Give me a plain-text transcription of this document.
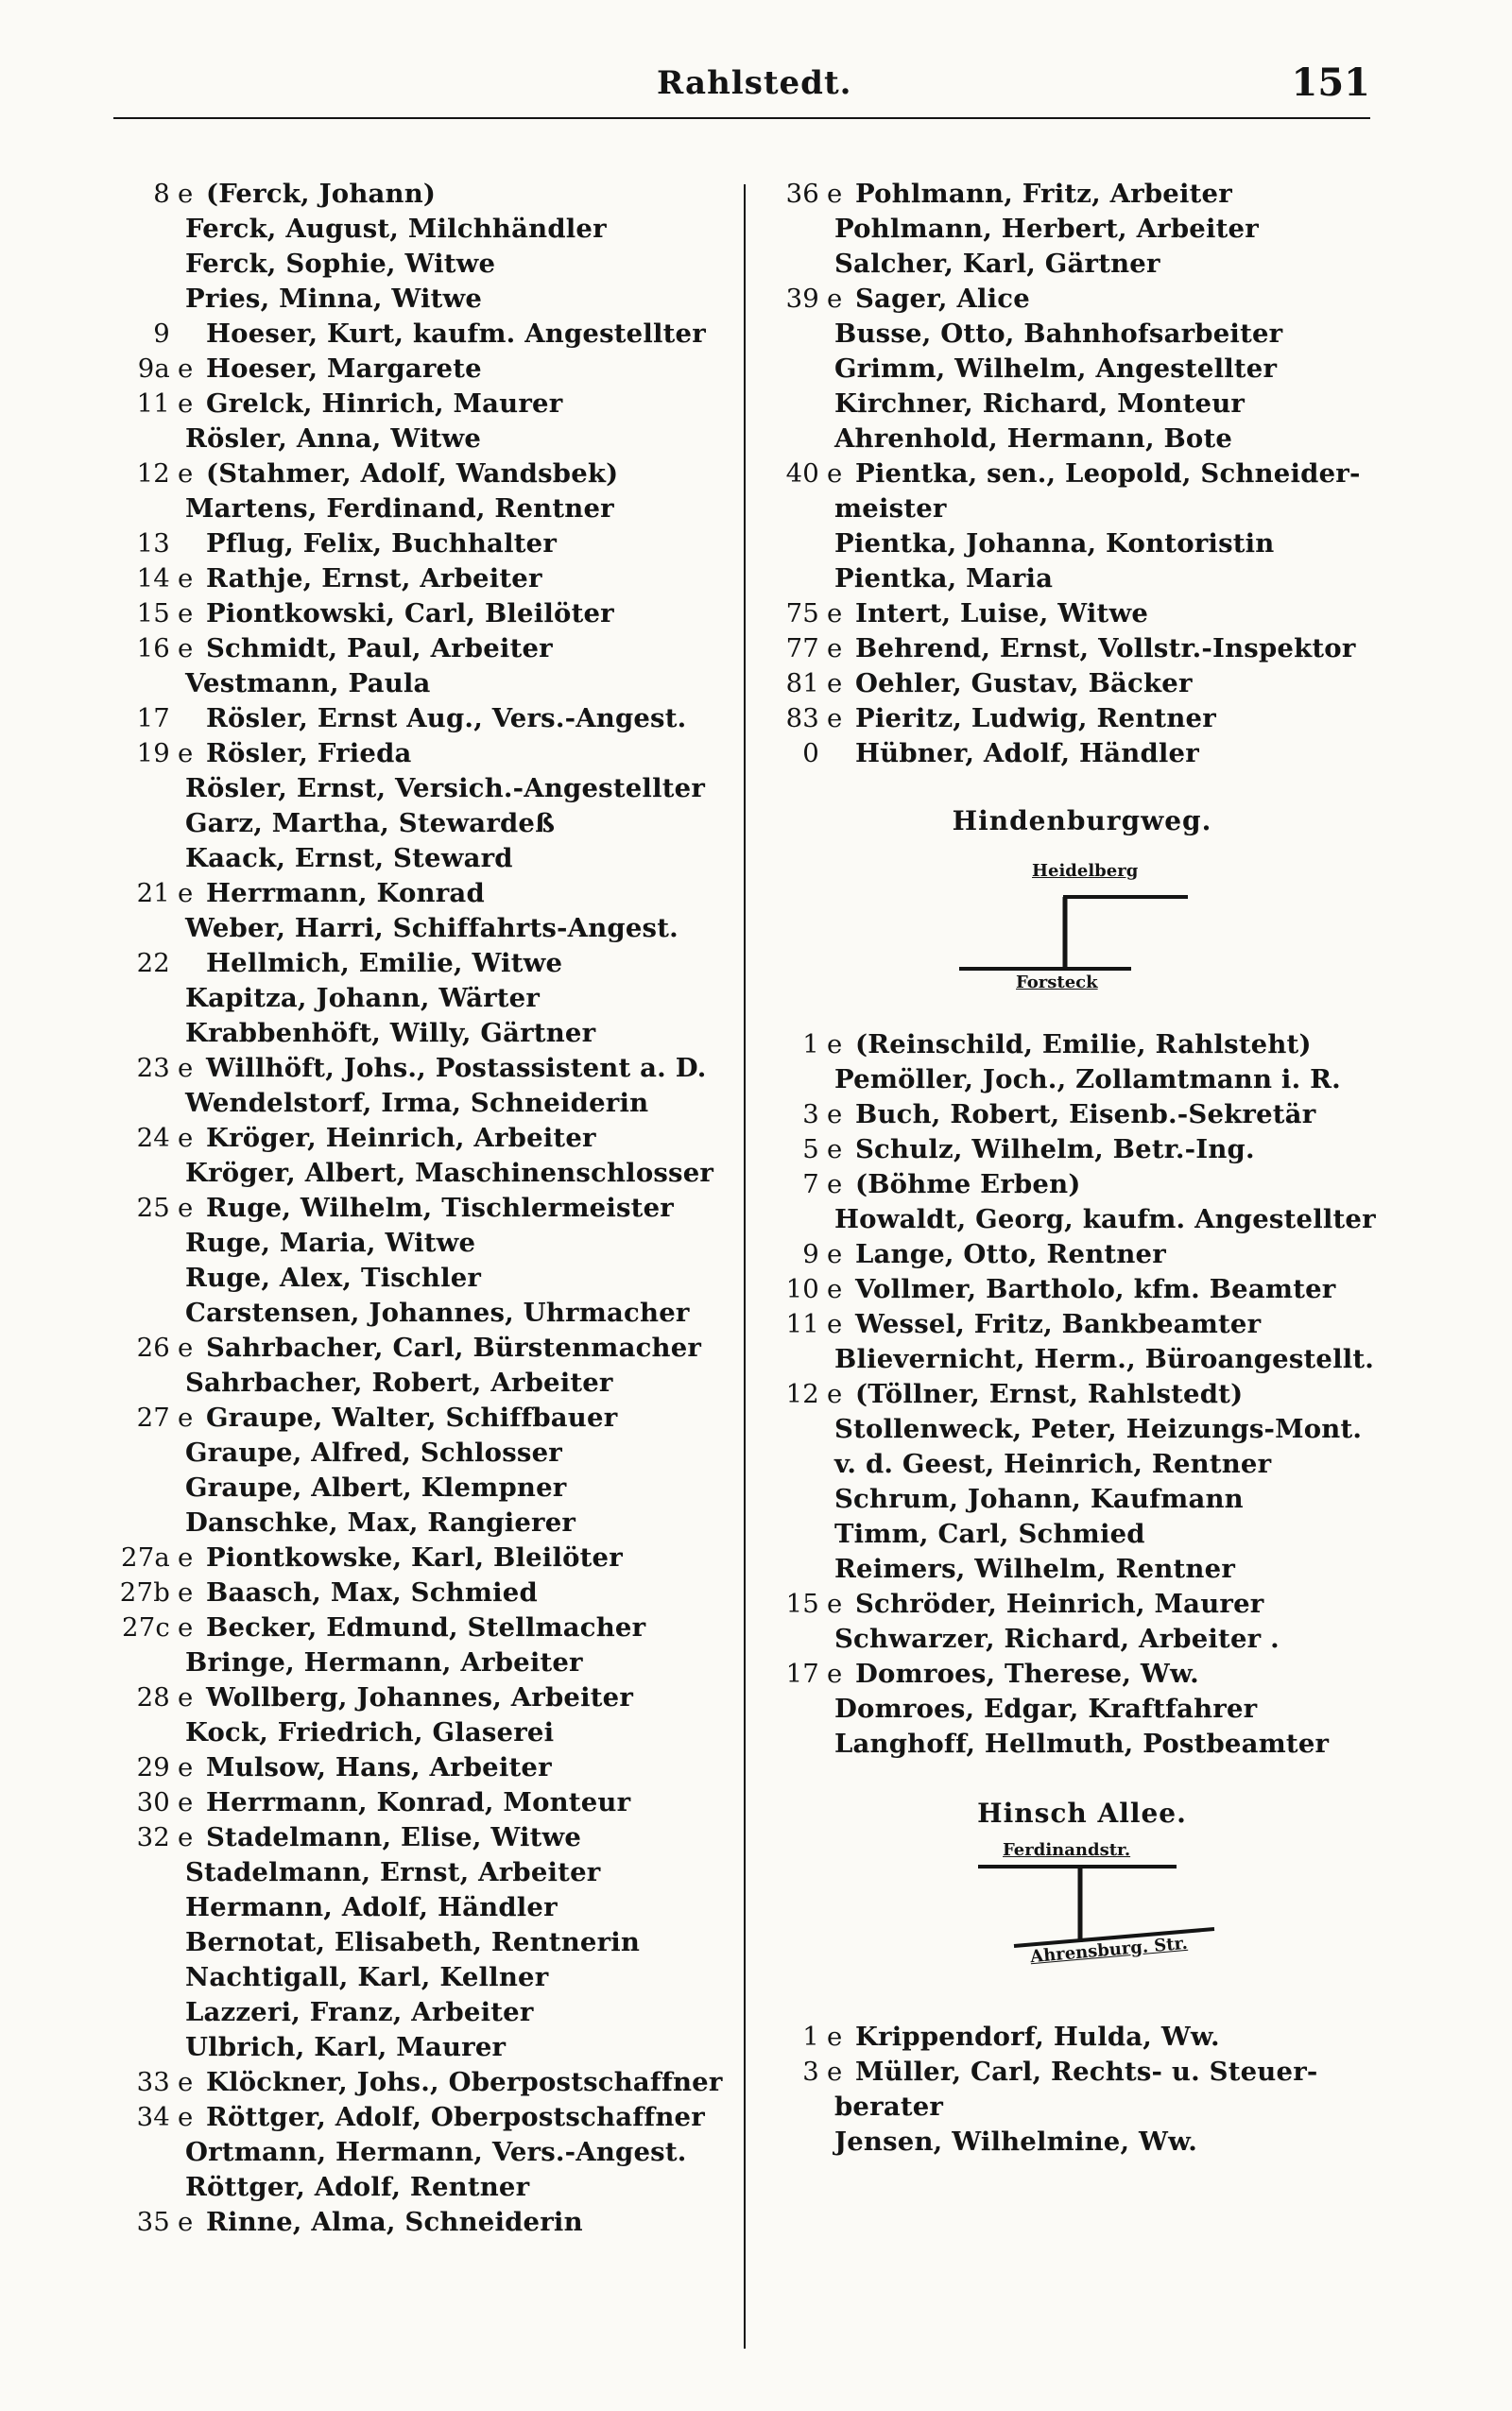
Rahlstedt.	151
8 e (Ferck, Johann)
Ferck, August, Milchhändler
Ferck, Sophie, Witwe
Pries, Minna, Witwe
9 Hoeser, Kurt, kaufm. Angestellter
9a e Hoeser, Margarete
11 e Grelck, Hinrich, Maurer
Rösler, Anna, Witwe
12 e (Stahmer, Adolf, Wandsbek)
Martens, Ferdinand, Rentner
13 Pflug, Felix, Buchhalter
14 e Rathje, Ernst, Arbeiter
15 e Piontkowski, Carl, Bleilöter
16 e Schmidt, Paul, Arbeiter
Vestmann, Paula
17 Rösler, Ernst Aug., Vers.-Angest.
19 e Rösler, Frieda
Rösler, Ernst, Versich.-Angestellter
Garz, Martha, Stewardeß
Kaack, Ernst, Steward
21 e Herrmann, Konrad
Weber, Harri, Schiffahrts-Angest.
22 Hellmich, Emilie, Witwe
Kapitza, Johann, Wärter
Krabbenhöft, Willy, Gärtner
23 e Willhöft, Johs., Postassistent a. D.
Wendelstorf, Irma, Schneiderin
24 e Kröger, Heinrich, Arbeiter
Kröger, Albert, Maschinenschlosser
25 e Ruge, Wilhelm, Tischlermeister
Ruge, Maria, Witwe
Ruge, Alex, Tischler
Carstensen, Johannes, Uhrmacher
26 e Sahrbacher, Carl, Bürstenmacher
Sahrbacher, Robert, Arbeiter
27 e Graupe, Walter, Schiffbauer
Graupe, Alfred, Schlosser
Graupe, Albert, Klempner
Danschke, Max, Rangierer
27a e Piontkowske, Karl, Bleilöter
27b e Baasch, Max, Schmied
27c e Becker, Edmund, Stellmacher
Bringe, Hermann, Arbeiter
28 e Wollberg, Johannes, Arbeiter
Kock, Friedrich, Glaserei
29 e Mulsow, Hans, Arbeiter
30 e Herrmann, Konrad, Monteur
32 e Stadelmann, Elise, Witwe
Stadelmann, Ernst, Arbeiter
Hermann, Adolf, Händler
Bernotat, Elisabeth, Rentnerin
Nachtigall, Karl, Kellner
Lazzeri, Franz, Arbeiter
Ulbrich, Karl, Maurer
33 e Klöckner, Johs., Oberpostschaffner
34 e Röttger, Adolf, Oberpostschaffner
Ortmann, Hermann, Vers.-Angest.
Röttger, Adolf, Rentner
35 e Rinne, Alma, Schneiderin
36 e Pohlmann, Fritz, Arbeiter
Pohlmann, Herbert, Arbeiter
Salcher, Karl, Gärtner
39 e Sager, Alice
Busse, Otto, Bahnhofsarbeiter
Grimm, Wilhelm, Angestellter
Kirchner, Richard, Monteur
Ahrenhold, Hermann, Bote
40 e Pientka, sen., Leopold, Schneider-
meister
Pientka, Johanna, Kontoristin
Pientka, Maria
75 e Intert, Luise, Witwe
77 e Behrend, Ernst, Vollstr.-Inspektor
81 e Oehler, Gustav, Bäcker
83 e Pieritz, Ludwig, Rentner
0 Hübner, Adolf, Händler
Hindenburgweg.
Heidelberg
Forsteck
1 e (Reinschild, Emilie, Rahlsteht)
Pemöller, Joch., Zollamtmann i. R.
3 e Buch, Robert, Eisenb.-Sekretär
5 e Schulz, Wilhelm, Betr.-Ing.
7 e (Böhme Erben)
Howaldt, Georg, kaufm. Angestellter
9 e Lange, Otto, Rentner
10 e Vollmer, Bartholo, kfm. Beamter
11 e Wessel, Fritz, Bankbeamter
Blievernicht, Herm., Büroangestellt.
12 e (Töllner, Ernst, Rahlstedt)
Stollenweck, Peter, Heizungs-Mont.
v. d. Geest, Heinrich, Rentner
Schrum, Johann, Kaufmann
Timm, Carl, Schmied
Reimers, Wilhelm, Rentner
15 e Schröder, Heinrich, Maurer
Schwarzer, Richard, Arbeiter .
17 e Domroes, Therese, Ww.
Domroes, Edgar, Kraftfahrer
Langhoff, Hellmuth, Postbeamter
Hinsch Allee.
Ferdinandstr.
Ahrensburg. Str.
1 e Krippendorf, Hulda, Ww.
3 e Müller, Carl, Rechts- u. Steuer-
berater
Jensen, Wilhelmine, Ww.
